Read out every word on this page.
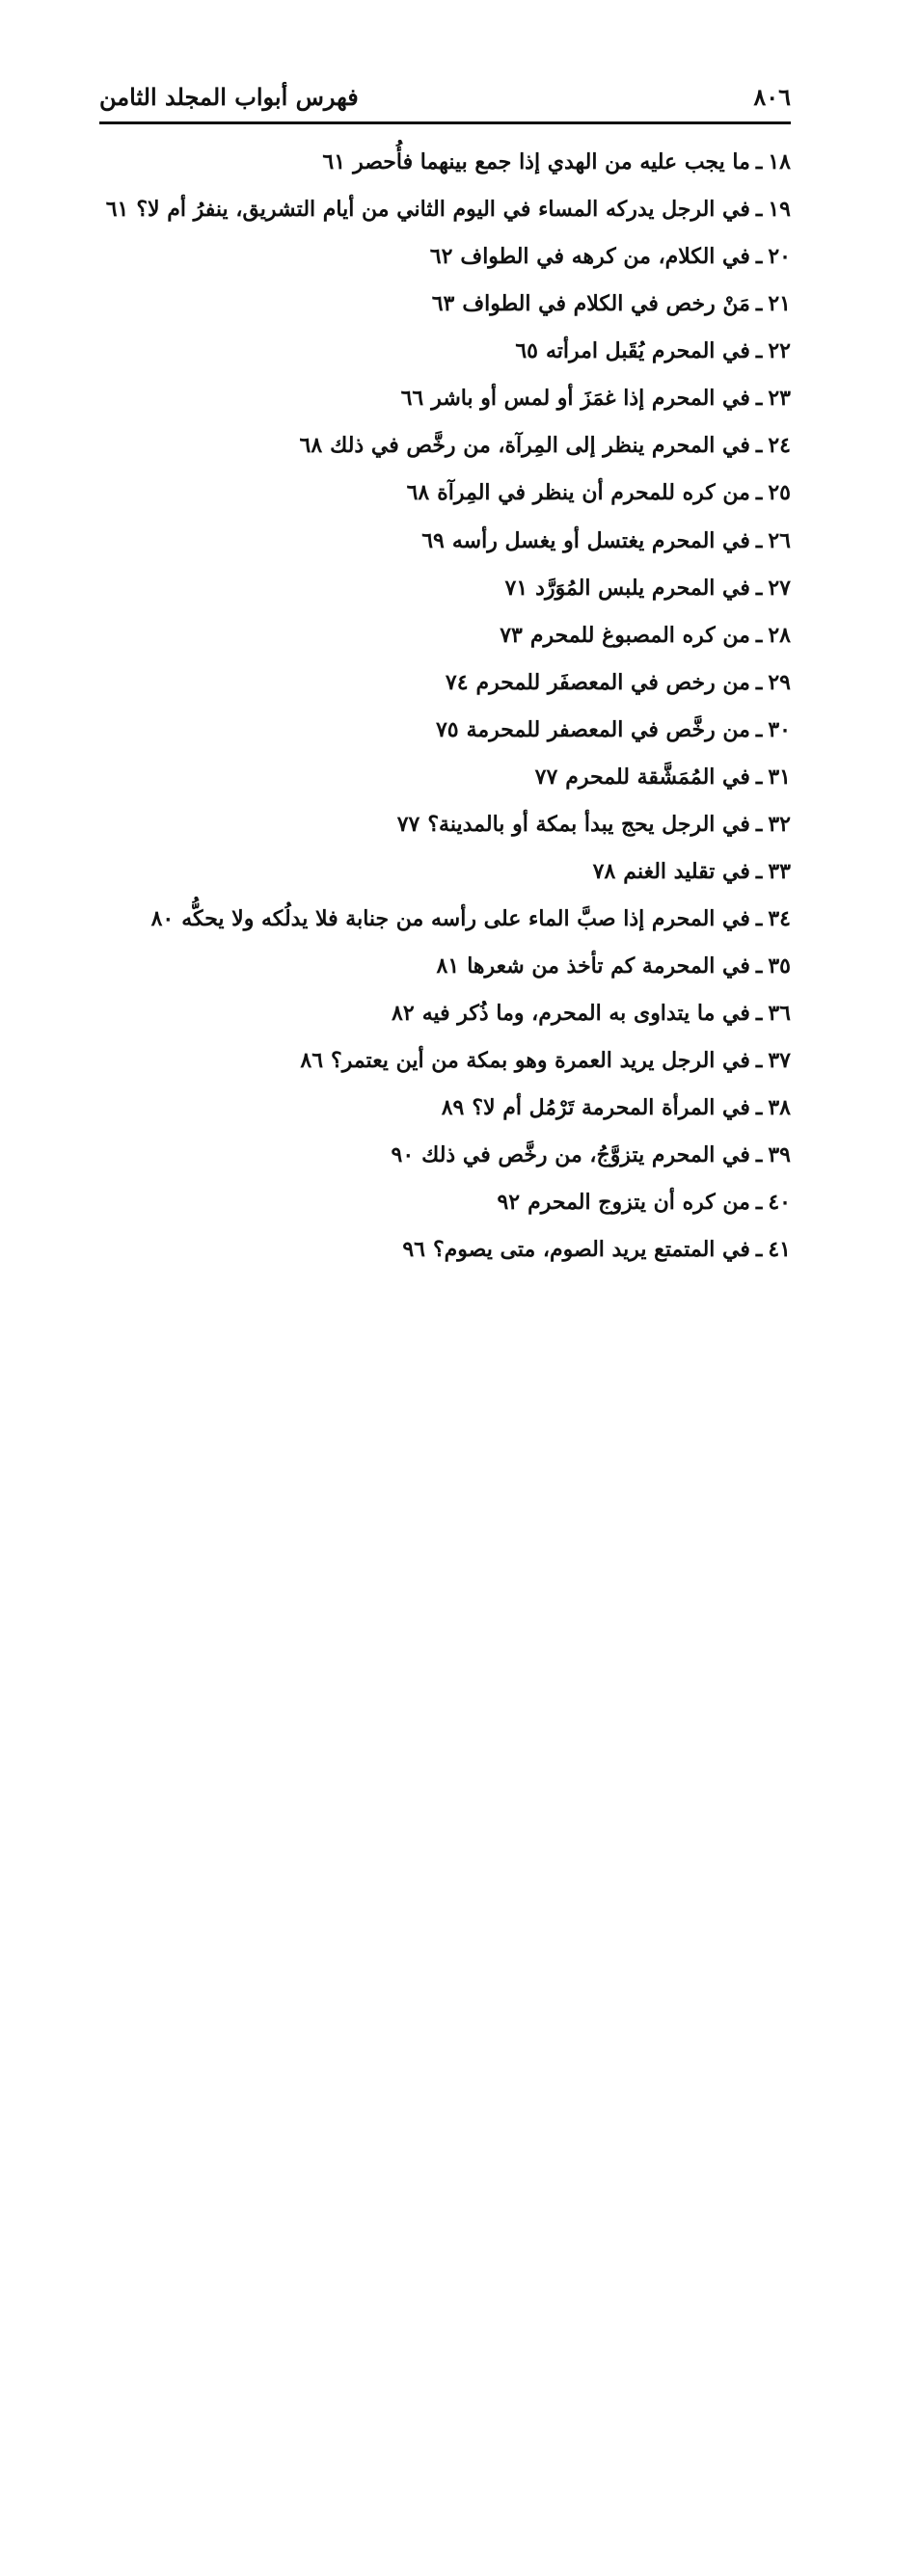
٨٠٦
فهرس أبواب المجلد الثامن
١٨
ـ
ما يجب عليه من الهدي إذا جمع بينهما فأُحصر
٦١
١٩
ـ
في الرجل يدركه المساء في اليوم الثاني من أيام التشريق، ينفرُ أم لا؟
٦١
٢٠
ـ
في الكلام، من كرهه في الطواف
٦٢
٢١
ـ
مَنْ رخص في الكلام في الطواف
٦٣
٢٢
ـ
في المحرم يُقَبل امرأته
٦٥
٢٣
ـ
في المحرم إذا غمَزَ أو لمس أو باشر
٦٦
٢٤
ـ
في المحرم ينظر إلى المِرآة، من رخَّص في ذلك
٦٨
٢٥
ـ
من كره للمحرم أن ينظر في المِرآة
٦٨
٢٦
ـ
في المحرم يغتسل أو يغسل رأسه
٦٩
٢٧
ـ
في المحرم يلبس المُوَرَّد
٧١
٢٨
ـ
من كره المصبوغ للمحرم
٧٣
٢٩
ـ
من رخص في المعصفَر للمحرم
٧٤
٣٠
ـ
من رخَّص في المعصفر للمحرمة
٧٥
٣١
ـ
في المُمَشَّقة للمحرم
٧٧
٣٢
ـ
في الرجل يحج يبدأ بمكة أو بالمدينة؟
٧٧
٣٣
ـ
في تقليد الغنم
٧٨
٣٤
ـ
في المحرم إذا صبَّ الماء على رأسه من جنابة فلا يدلُكه ولا يحكُّه
٨٠
٣٥
ـ
في المحرمة كم تأخذ من شعرها
٨١
٣٦
ـ
في ما يتداوى به المحرم، وما ذُكر فيه
٨٢
٣٧
ـ
في الرجل يريد العمرة وهو بمكة من أين يعتمر؟
٨٦
٣٨
ـ
في المرأة المحرمة تَرْمُل أم لا؟
٨٩
٣٩
ـ
في المحرم يتزوَّجُ، من رخَّص في ذلك
٩٠
٤٠
ـ
من كره أن يتزوج المحرم
٩٢
٤١
ـ
في المتمتع يريد الصوم، متى يصوم؟
٩٦
